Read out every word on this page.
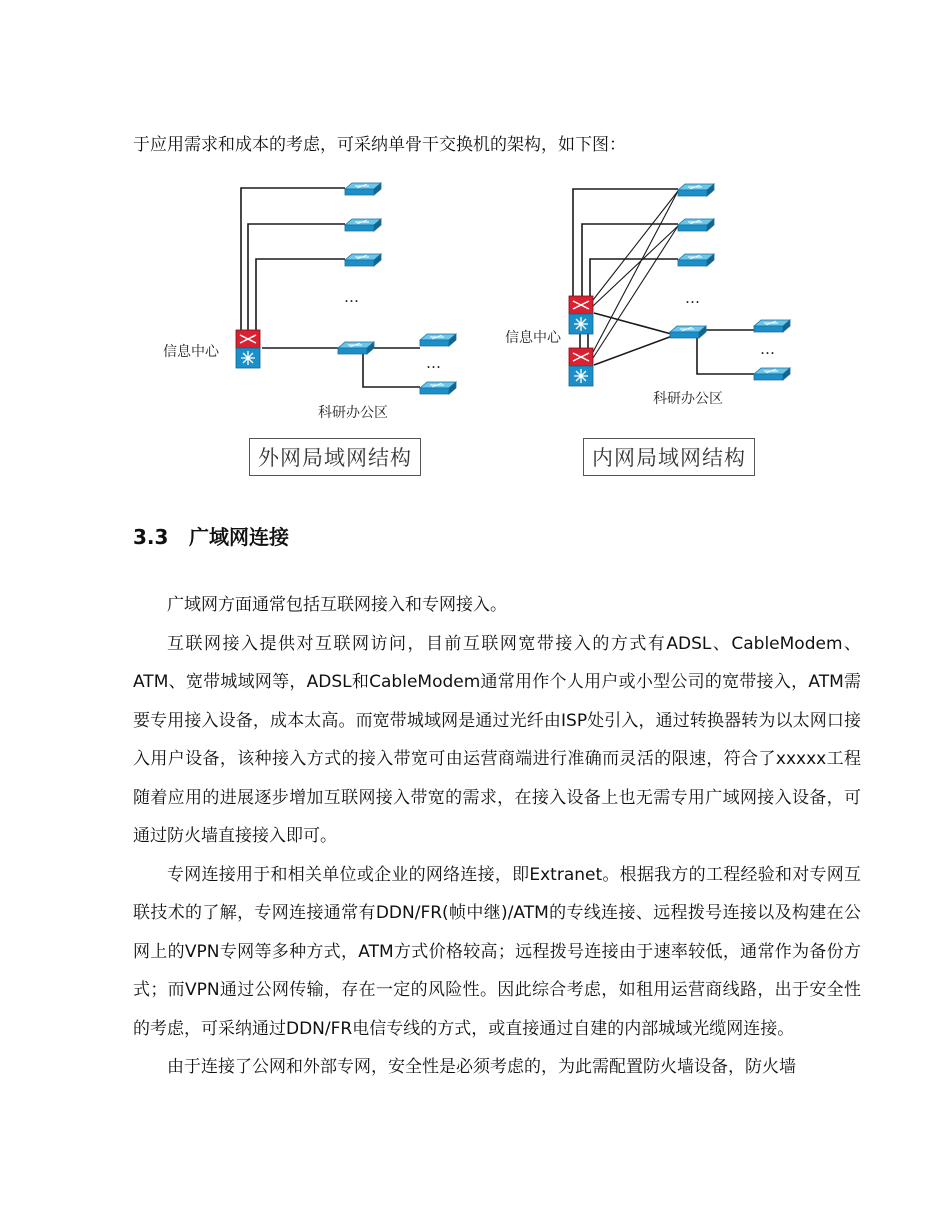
于应用需求和成本的考虑，可采纳单骨干交换机的架构，如下图：
信息中心
…
…
科研办公区
外网局域网结构
信息中心
…
…
科研办公区
内网局域网结构
3.3 广域网连接

广域网方面通常包括互联网接入和专网接入。

互联网接入提供对互联网访问，目前互联网宽带接入的方式有ADSL、CableModem、ATM、宽带城域网等，ADSL和CableModem通常用作个人用户或小型公司的宽带接入，ATM需要专用接入设备，成本太高。而宽带城域网是通过光纤由ISP处引入，通过转换器转为以太网口接入用户设备，该种接入方式的接入带宽可由运营商端进行准确而灵活的限速，符合了xxxxx工程随着应用的进展逐步增加互联网接入带宽的需求，在接入设备上也无需专用广域网接入设备，可通过防火墙直接接入即可。

专网连接用于和相关单位或企业的网络连接，即Extranet。根据我方的工程经验和对专网互联技术的了解，专网连接通常有DDN/FR(帧中继)/ATM的专线连接、远程拨号连接以及构建在公网上的VPN专网等多种方式，ATM方式价格较高；远程拨号连接由于速率较低，通常作为备份方式；而VPN通过公网传输，存在一定的风险性。因此综合考虑，如租用运营商线路，出于安全性的考虑，可采纳通过DDN/FR电信专线的方式，或直接通过自建的内部城域光缆网连接。

由于连接了公网和外部专网，安全性是必须考虑的，为此需配置防火墙设备，防火墙
